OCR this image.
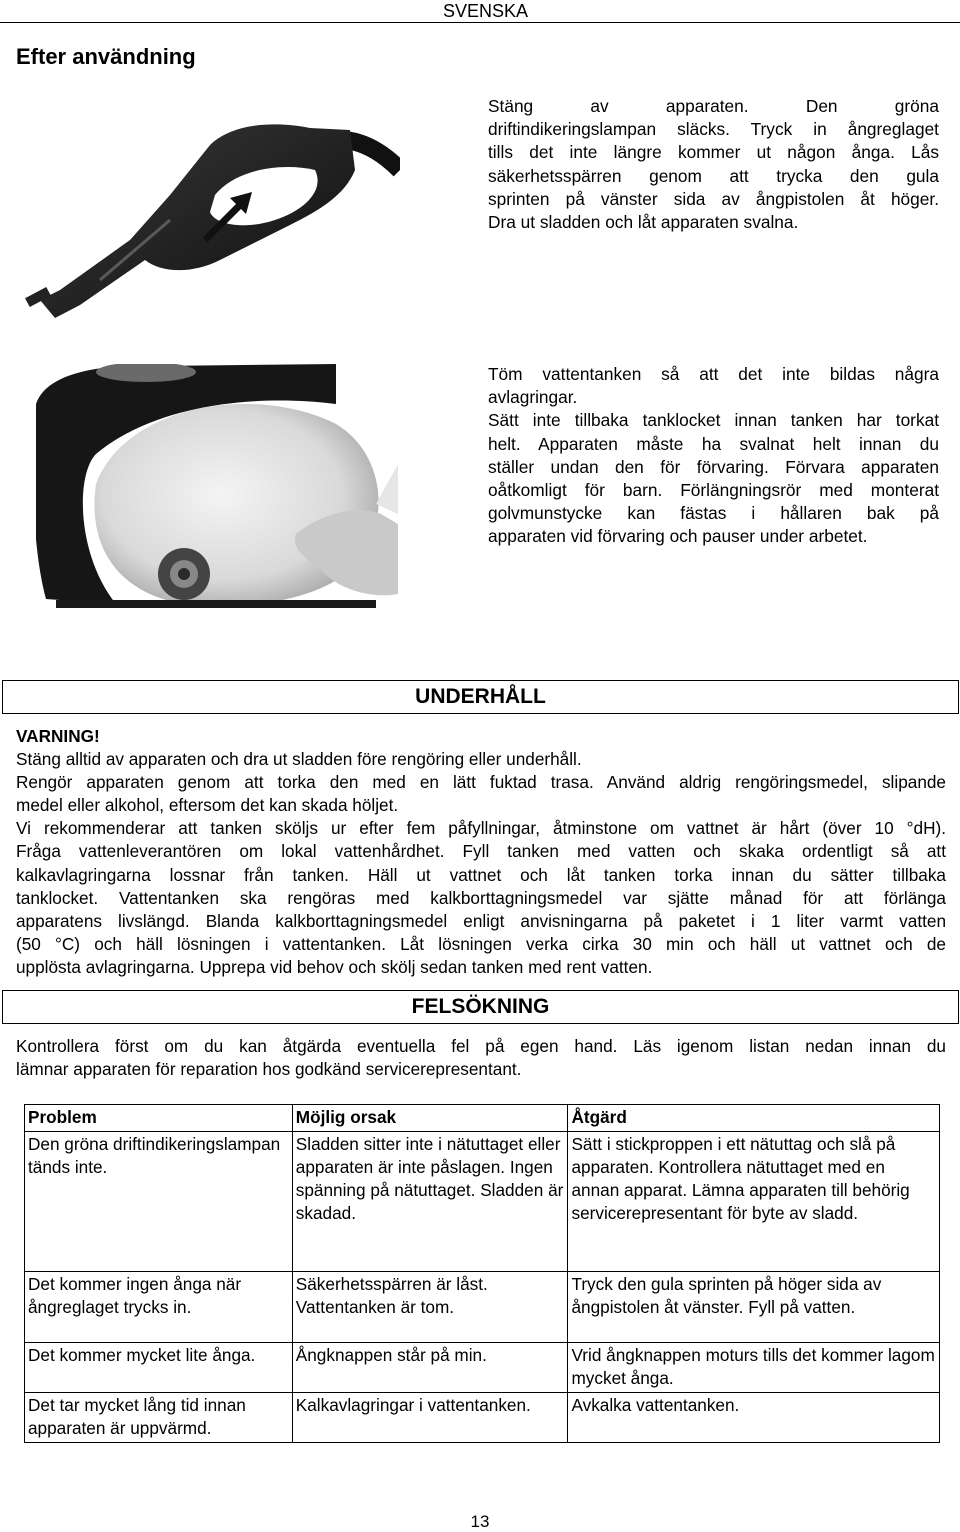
SVENSKA
Efter användning
Stäng av apparaten. Den gröna
driftindikeringslampan släcks. Tryck in ångreglaget
tills det inte längre kommer ut någon ånga. Lås
säkerhetsspärren genom att trycka den gula
sprinten på vänster sida av ångpistolen åt höger.
Dra ut sladden och låt apparaten svalna.
Töm vattentanken så att det inte bildas några
avlagringar.
Sätt inte tillbaka tanklocket innan tanken har torkat
helt. Apparaten måste ha svalnat helt innan du
ställer undan den för förvaring. Förvara apparaten
oåtkomligt för barn. Förlängningsrör med monterat
golvmunstycke kan fästas i hållaren bak på
apparaten vid förvaring och pauser under arbetet.
UNDERHÅLL
VARNING!
Stäng alltid av apparaten och dra ut sladden före rengöring eller underhåll.
Rengör apparaten genom att torka den med en lätt fuktad trasa. Använd aldrig rengöringsmedel, slipande
medel eller alkohol, eftersom det kan skada höljet.
Vi rekommenderar att tanken sköljs ur efter fem påfyllningar, åtminstone om vattnet är hårt (över 10 °dH).
Fråga vattenleverantören om lokal vattenhårdhet. Fyll tanken med vatten och skaka ordentligt så att
kalkavlagringarna lossnar från tanken. Häll ut vattnet och låt tanken torka innan du sätter tillbaka
tanklocket. Vattentanken ska rengöras med kalkborttagningsmedel var sjätte månad för att förlänga
apparatens livslängd. Blanda kalkborttagningsmedel enligt anvisningarna på paketet i 1 liter varmt vatten
(50 °C) och häll lösningen i vattentanken. Låt lösningen verka cirka 30 min och häll ut vattnet och de
upplösta avlagringarna. Upprepa vid behov och skölj sedan tanken med rent vatten.
FELSÖKNING
Kontrollera först om du kan åtgärda eventuella fel på egen hand. Läs igenom listan nedan innan du
lämnar apparaten för reparation hos godkänd servicerepresentant.
Problem	Möjlig orsak	Åtgärd
Den gröna driftindikeringslampan tänds inte.	Sladden sitter inte i nätuttaget eller apparaten är inte påslagen. Ingen spänning på nätuttaget. Sladden är skadad.	Sätt i stickproppen i ett nätuttag och slå på apparaten. Kontrollera nätuttaget med en annan apparat. Lämna apparaten till behörig servicerepresentant för byte av sladd.
Det kommer ingen ånga när ångreglaget trycks in.	Säkerhetsspärren är låst. Vattentanken är tom.	Tryck den gula sprinten på höger sida av ångpistolen åt vänster. Fyll på vatten.
Det kommer mycket lite ånga.	Ångknappen står på min.	Vrid ångknappen moturs tills det kommer lagom mycket ånga.
Det tar mycket lång tid innan apparaten är uppvärmd.	Kalkavlagringar i vattentanken.	Avkalka vattentanken.
13
